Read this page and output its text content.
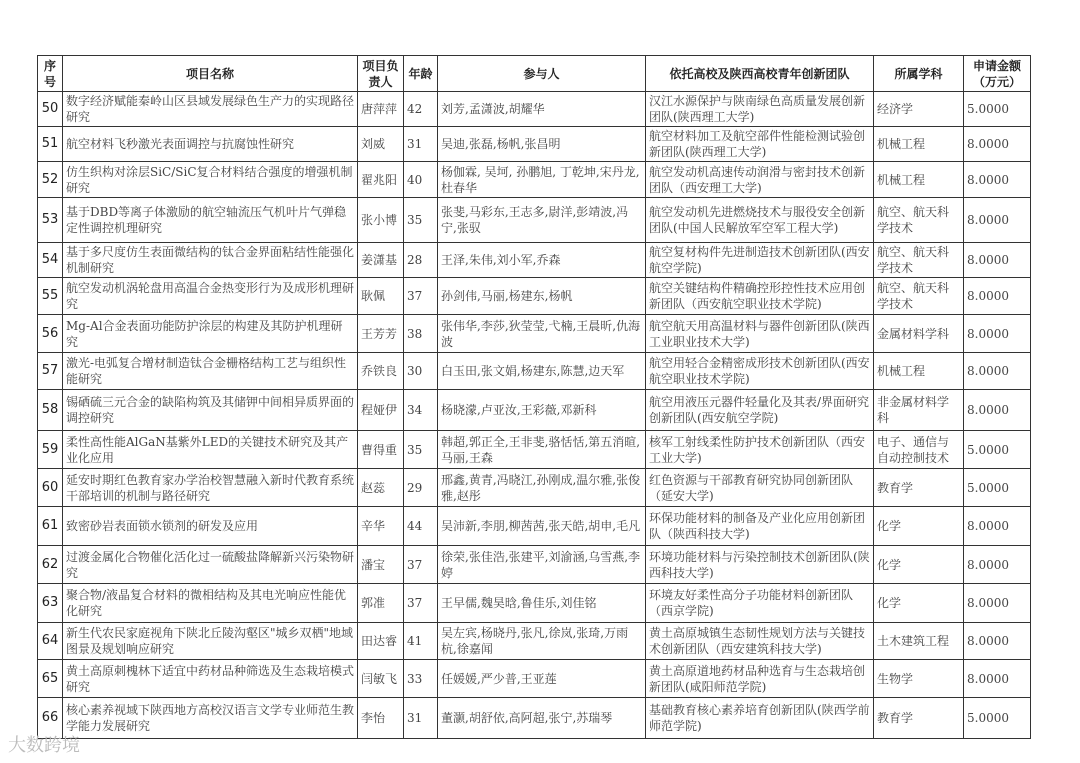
序号	项目名称	项目负责人	年龄	参与人	依托高校及陕西高校青年创新团队	所属学科	申请金额（万元）
50	数字经济赋能秦岭山区县域发展绿色生产力的实现路径研究	唐萍萍	42	刘芳,孟潇波,胡耀华	汉江水源保护与陕南绿色高质量发展创新团队(陕西理工大学)	经济学	5.0000
51	航空材料飞秒激光表面调控与抗腐蚀性研究	刘威	31	吴迪,张磊,杨帆,张昌明	航空材料加工及航空部件性能检测试验创新团队(陕西理工大学)	机械工程	8.0000
52	仿生织构对涂层SiC/SiC复合材料结合强度的增强机制研究	翟兆阳	40	杨伽霖, 吴坷, 孙鹏旭, 丁乾坤,宋丹龙,杜春华	航空发动机高速传动润滑与密封技术创新团队（西安理工大学)	机械工程	8.0000
53	基于DBD等离子体激励的航空轴流压气机叶片气弹稳定性调控机理研究	张小博	35	张斐,马彩东,王志多,尉洋,彭靖波,冯宁,张驭	航空发动机先进燃烧技术与服役安全创新团队(中国人民解放军空军工程大学)	航空、航天科学技术	8.0000
54	基于多尺度仿生表面微结构的钛合金界面粘结性能强化机制研究	姜潇基	28	王泽,朱伟,刘小军,乔森	航空复材构件先进制造技术创新团队(西安航空学院)	航空、航天科学技术	8.0000
55	航空发动机涡轮盘用高温合金热变形行为及成形机理研究	耿佩	37	孙剑伟,马丽,杨建东,杨帆	航空关键结构件精确控形控性技术应用创新团队（西安航空职业技术学院)	航空、航天科学技术	8.0000
56	Mg-Al合金表面功能防护涂层的构建及其防护机理研究	王芳芳	38	张伟华,李莎,狄莹莹,弋楠,王晨昕,仇海波	航空航天用高温材料与器件创新团队(陕西工业职业技术大学)	金属材料学科	8.0000
57	激光-电弧复合增材制造钛合金栅格结构工艺与组织性能研究	乔铁良	30	白玉田,张文娟,杨建东,陈慧,边天军	航空用轻合金精密成形技术创新团队(西安航空职业技术学院)	机械工程	8.0000
58	锡硒硫三元合金的缺陷构筑及其储钾中间相异质界面的调控研究	程娅伊	34	杨晓濛,卢亚汝,王彩薇,邓新科	航空用液压元器件轻量化及其表/界面研究创新团队(西安航空学院)	非金属材料学科	8.0000
59	柔性高性能AlGaN基紫外LED的关键技术研究及其产业化应用	曹得重	35	韩超,郭正全,王非斐,骆恬恬,第五消暄,马丽,王森	核军工射线柔性防护技术创新团队（西安工业大学)	电子、通信与自动控制技术	5.0000
60	延安时期红色教育家办学治校智慧融入新时代教育系统干部培训的机制与路径研究	赵蕊	29	邢鑫,黄青,冯晓江,孙刚成,温尔雅,张俊雅,赵彤	红色资源与干部教育研究协同创新团队（延安大学)	教育学	5.0000
61	致密砂岩表面锁水锁剂的研发及应用	辛华	44	吴沛新,李朋,柳茜茜,张天皓,胡申,毛凡	环保功能材料的制备及产业化应用创新团队（陕西科技大学)	化学	8.0000
62	过渡金属化合物催化活化过一硫酸盐降解新兴污染物研究	潘宝	37	徐荣,张佳浩,张建平,刘渝涵,乌雪燕,李婷	环境功能材料与污染控制技术创新团队(陕西科技大学)	化学	8.0000
63	聚合物/液晶复合材料的微相结构及其电光响应性能优化研究	郭准	37	王早儒,魏昊晗,鲁佳乐,刘佳铭	环境友好柔性高分子功能材料创新团队（西京学院)	化学	8.0000
64	新生代农民家庭视角下陕北丘陵沟壑区"城乡双栖"地域图景及规划响应研究	田达睿	41	吴左宾,杨晓丹,张凡,徐岚,张琦,万雨杭,徐嘉闻	黄土高原城镇生态韧性规划方法与关键技术创新团队（西安建筑科技大学)	土木建筑工程	8.0000
65	黄土高原刺槐林下适宜中药材品种筛选及生态栽培模式研究	闫敏飞	33	任媛媛,严少普,王亚莲	黄土高原道地药材品种选育与生态栽培创新团队(咸阳师范学院)	生物学	8.0000
66	核心素养视域下陕西地方高校汉语言文学专业师范生教学能力发展研究	李怡	31	董灏,胡舒依,高阿超,张宁,苏瑞琴	基础教育核心素养培育创新团队(陕西学前师范学院)	教育学	5.0000
大数跨境
